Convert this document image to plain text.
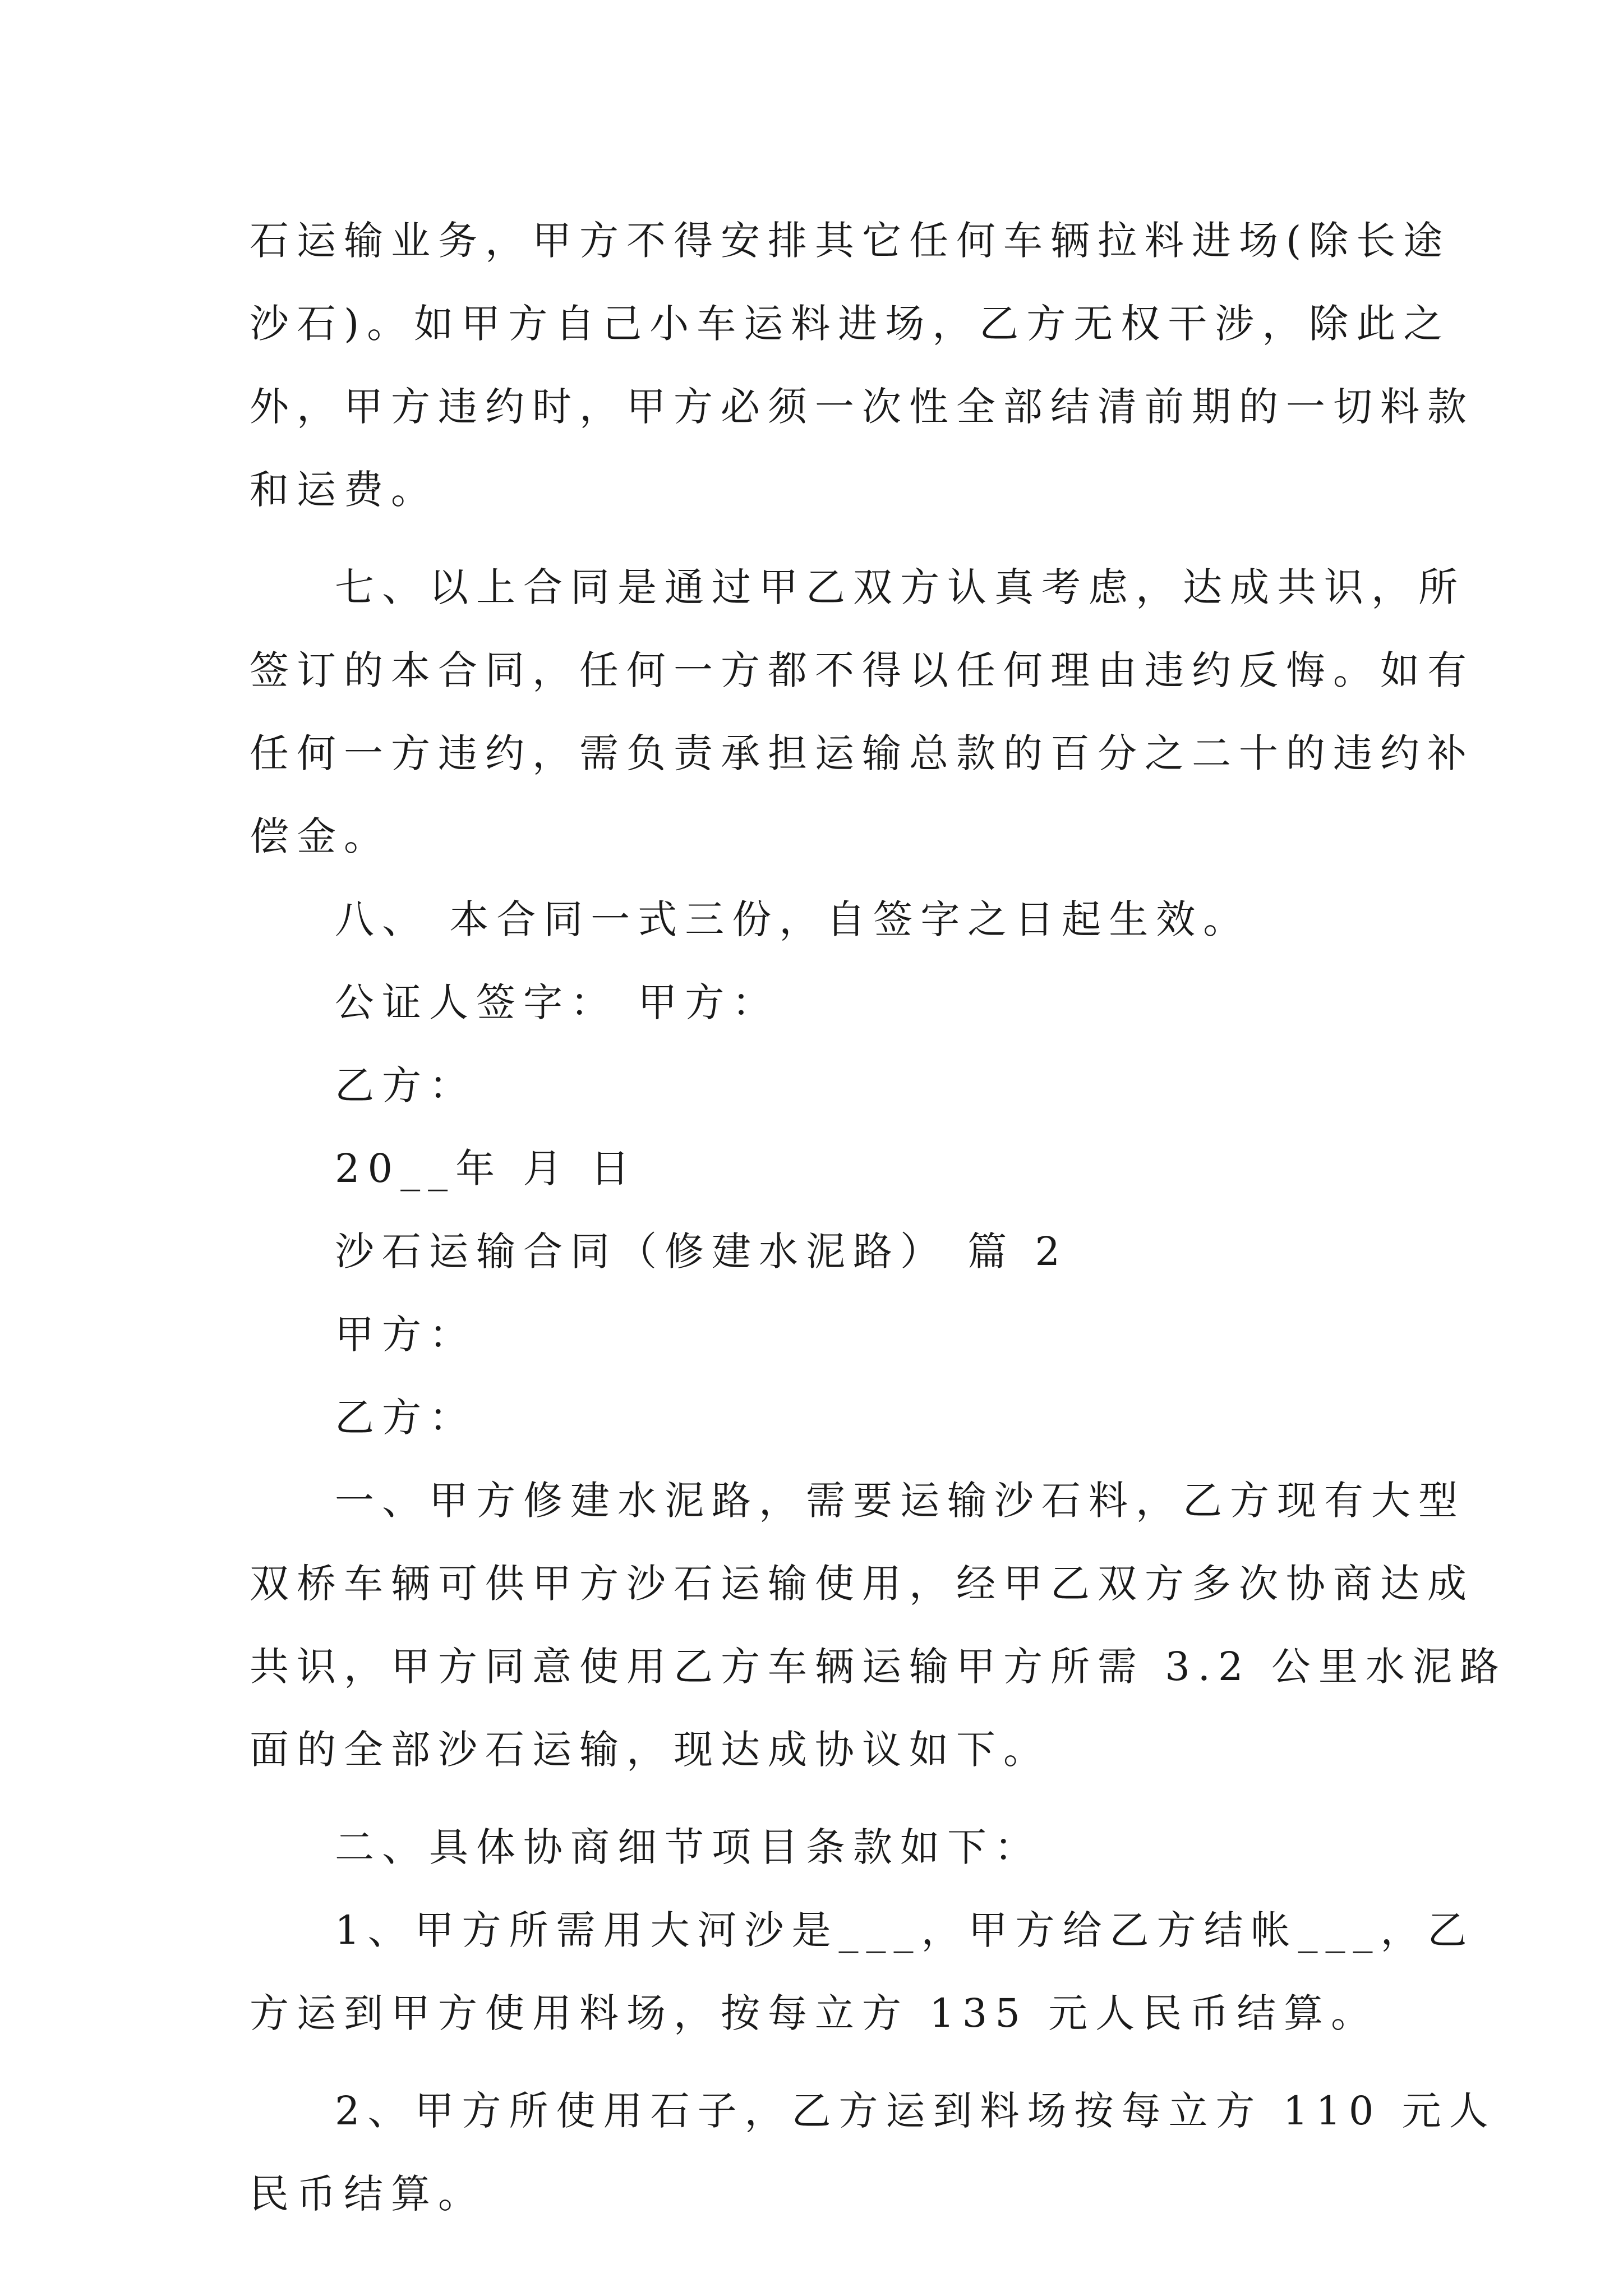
石运输业务，甲方不得安排其它任何车辆拉料进场(除长途
沙石)。如甲方自己小车运料进场，乙方无权干涉，除此之
外，甲方违约时，甲方必须一次性全部结清前期的一切料款
和运费。
七、以上合同是通过甲乙双方认真考虑，达成共识，所
签订的本合同，任何一方都不得以任何理由违约反悔。如有
任何一方违约，需负责承担运输总款的百分之二十的违约补
偿金。
八、 本合同一式三份，自签字之日起生效。
公证人签字： 甲方：
乙方：
20__年 月 日
沙石运输合同（修建水泥路） 篇 2
甲方：
乙方：
一、甲方修建水泥路，需要运输沙石料，乙方现有大型
双桥车辆可供甲方沙石运输使用，经甲乙双方多次协商达成
共识，甲方同意使用乙方车辆运输甲方所需 3.2 公里水泥路
面的全部沙石运输，现达成协议如下。
二、具体协商细节项目条款如下：
1、甲方所需用大河沙是___，甲方给乙方结帐___，乙
方运到甲方使用料场，按每立方 135 元人民币结算。
2、甲方所使用石子，乙方运到料场按每立方 110 元人
民币结算。
